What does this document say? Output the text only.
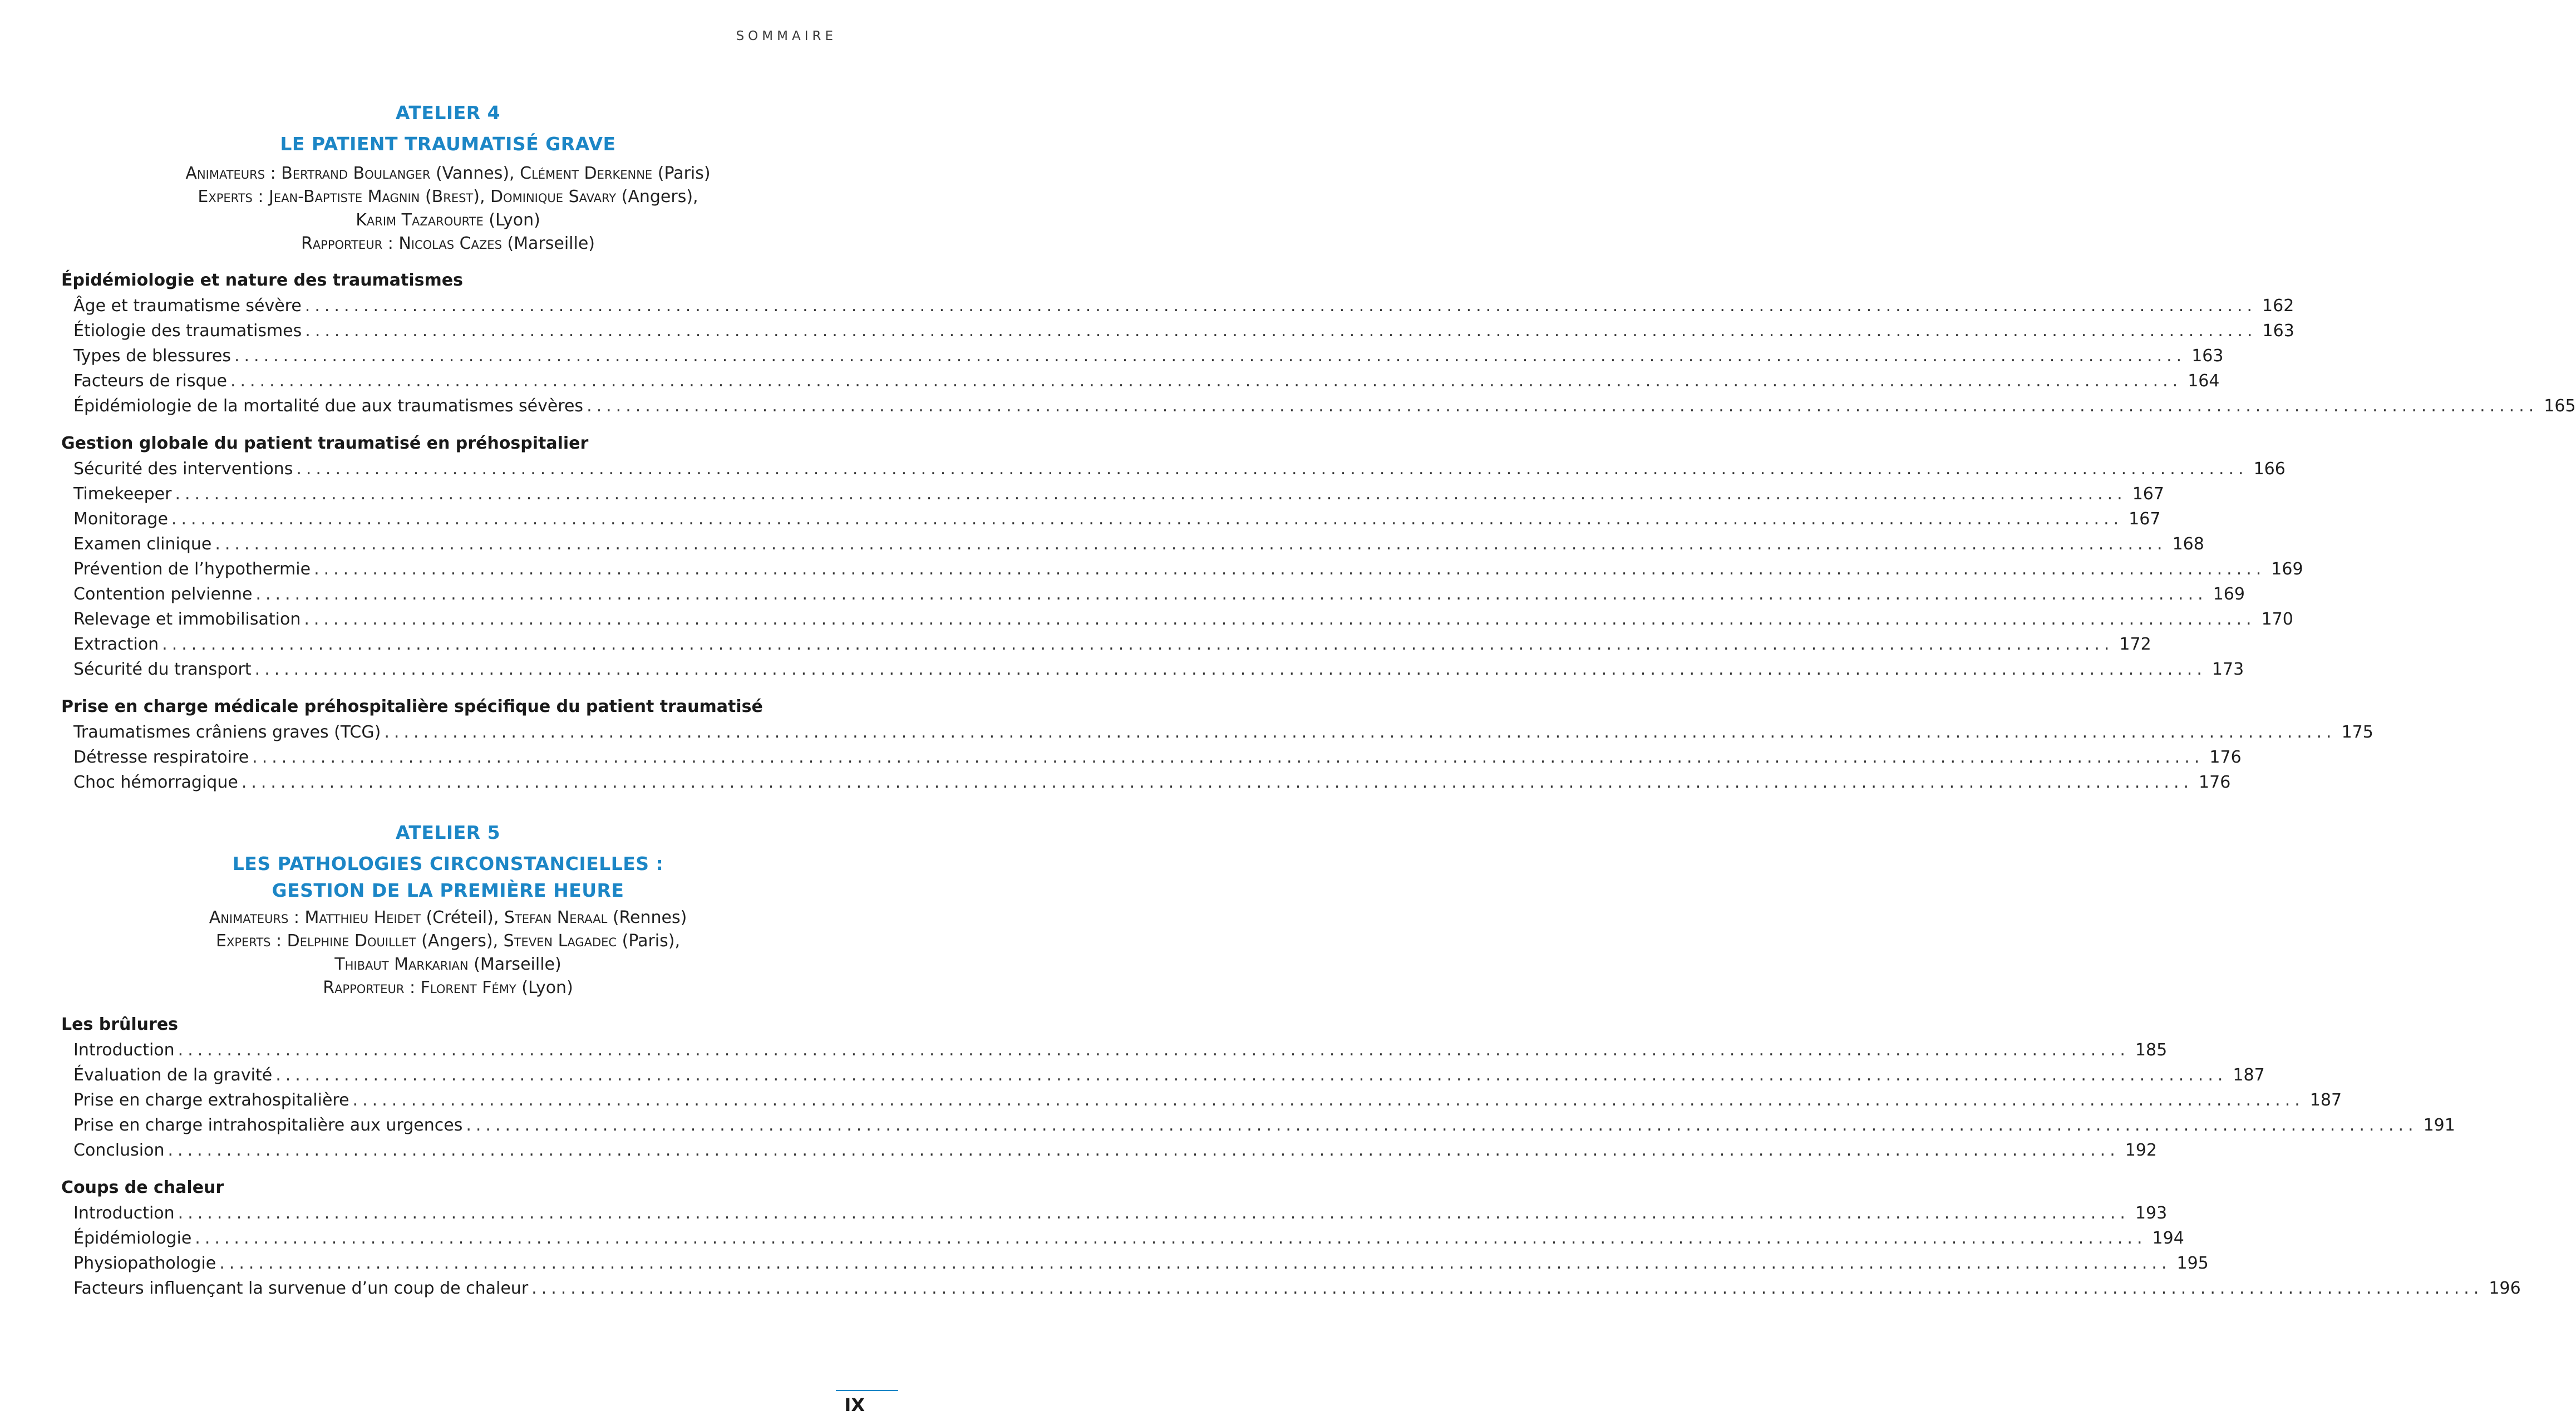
SOMMAIRE
ATELIER 4
LE PATIENT TRAUMATISÉ GRAVE
Animateurs : Bertrand Boulanger (Vannes), Clément Derkenne (Paris)
Experts : Jean-Baptiste Magnin (Brest), Dominique Savary (Angers),
Karim Tazarourte (Lyon)
Rapporteur : Nicolas Cazes (Marseille)
Épidémiologie et nature des traumatismes
Âge et traumatisme sévère ........................................................................................................................................................................................................ 162
Étiologie des traumatismes ........................................................................................................................................................................................................ 163
Types de blessures ........................................................................................................................................................................................................ 163
Facteurs de risque ........................................................................................................................................................................................................ 164
Épidémiologie de la mortalité due aux traumatismes sévères ........................................................................................................................................................................................................ 165
Gestion globale du patient traumatisé en préhospitalier
Sécurité des interventions ........................................................................................................................................................................................................ 166
Timekeeper ........................................................................................................................................................................................................ 167
Monitorage ........................................................................................................................................................................................................ 167
Examen clinique ........................................................................................................................................................................................................ 168
Prévention de l’hypothermie ........................................................................................................................................................................................................ 169
Contention pelvienne ........................................................................................................................................................................................................ 169
Relevage et immobilisation ........................................................................................................................................................................................................ 170
Extraction ........................................................................................................................................................................................................ 172
Sécurité du transport ........................................................................................................................................................................................................ 173
Prise en charge médicale préhospitalière spécifique du patient traumatisé
Traumatismes crâniens graves (TCG) ........................................................................................................................................................................................................ 175
Détresse respiratoire ........................................................................................................................................................................................................ 176
Choc hémorragique ........................................................................................................................................................................................................ 176
ATELIER 5
LES PATHOLOGIES CIRCONSTANCIELLES :
GESTION DE LA PREMIÈRE HEURE
Animateurs : Matthieu Heidet (Créteil), Stefan Neraal (Rennes)
Experts : Delphine Douillet (Angers), Steven Lagadec (Paris),
Thibaut Markarian (Marseille)
Rapporteur : Florent Fémy (Lyon)
Les brûlures
Introduction ........................................................................................................................................................................................................ 185
Évaluation de la gravité ........................................................................................................................................................................................................ 187
Prise en charge extrahospitalière ........................................................................................................................................................................................................ 187
Prise en charge intrahospitalière aux urgences ........................................................................................................................................................................................................ 191
Conclusion ........................................................................................................................................................................................................ 192
Coups de chaleur
Introduction ........................................................................................................................................................................................................ 193
Épidémiologie ........................................................................................................................................................................................................ 194
Physiopathologie ........................................................................................................................................................................................................ 195
Facteurs influençant la survenue d’un coup de chaleur ........................................................................................................................................................................................................ 196
IX
